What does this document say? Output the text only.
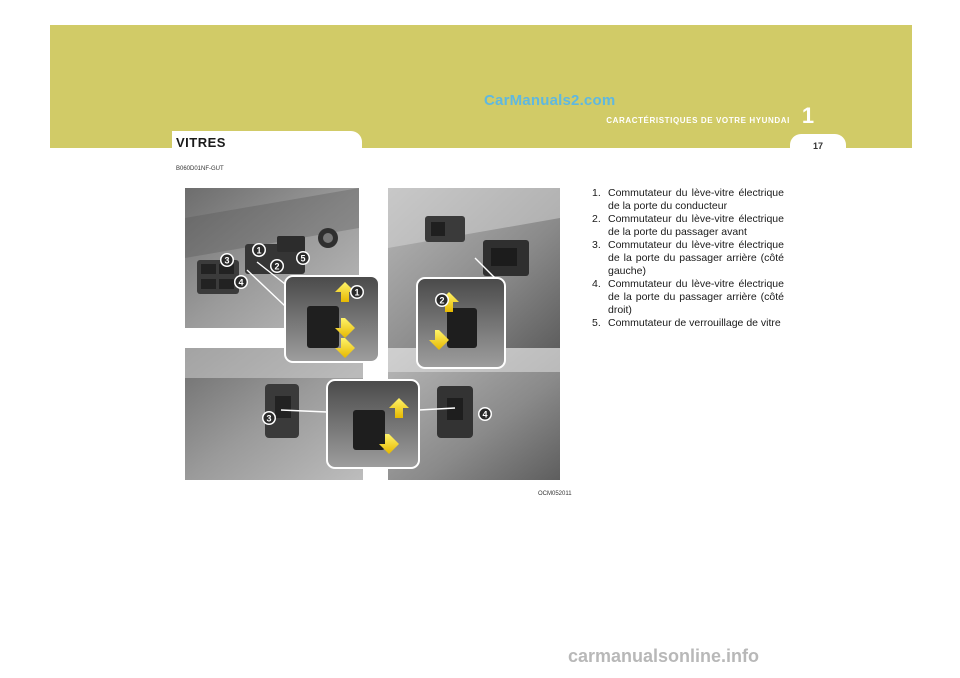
CarManuals2.com
1
CARACTÉRISTIQUES DE VOTRE HYUNDAI
17
VITRES
B060D01NF-GUT
1
2
3
4
5
1
2
3	4
OCM052011
1. Commutateur du lève-vitre électrique de la porte du conducteur
2. Commutateur du lève-vitre électrique de la porte du passager avant
3. Commutateur du lève-vitre électrique de la porte du passager arrière (côté gauche)
4. Commutateur du lève-vitre électrique de la porte du passager arrière (côté droit)
5. Commutateur de verrouillage de vitre
carmanualsonline.info
